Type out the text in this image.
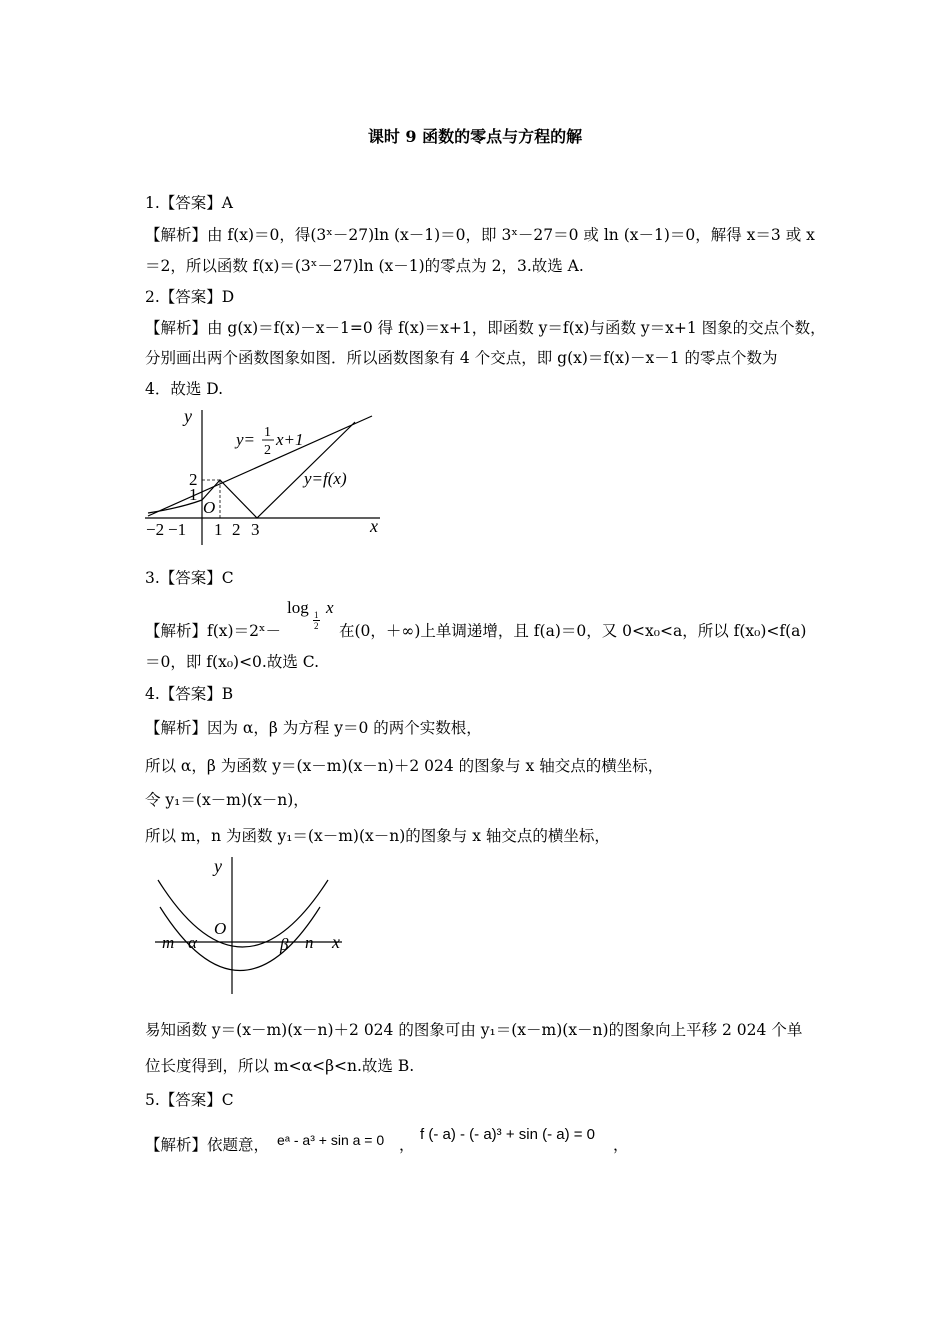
课时 9 函数的零点与方程的解
1.【答案】A
【解析】由 f(x)＝0，得(3ˣ－27)ln (x－1)＝0，即 3ˣ－27＝0 或 ln (x－1)＝0，解得 x＝3 或 x
＝2，所以函数 f(x)＝(3ˣ－27)ln (x－1)的零点为 2，3.故选 A.
2.【答案】D
【解析】由 g(x)＝f(x)－x－1=0 得 f(x)＝x+1，即函数 y＝f(x)与函数 y＝x+1 图象的交点个数，
分别画出两个函数图象如图．所以函数图象有 4 个交点，即 g(x)＝f(x)－x－1 的零点个数为
4．故选 D.
y
x
O
−2 −1 1 2 3
1
2
y= 1
2
x+1
y=f(x)
3.【答案】C
log 1
2
x
【解析】f(x)＝2ˣ－	在(0，＋∞)上单调递增，且 f(a)＝0，又 0<x₀<a，所以 f(x₀)<f(a)
＝0，即 f(x₀)<0.故选 C.
4.【答案】B
【解析】因为 α，β 为方程 y＝0 的两个实数根，
所以 α，β 为函数 y＝(x－m)(x－n)＋2 024 的图象与 x 轴交点的横坐标，
令 y₁＝(x－m)(x－n)，
所以 m，n 为函数 y₁＝(x－m)(x－n)的图象与 x 轴交点的横坐标，
y
x
O
m α	β n
易知函数 y＝(x－m)(x－n)＋2 024 的图象可由 y₁＝(x－m)(x－n)的图象向上平移 2 024 个单
位长度得到，所以 m<α<β<n.故选 B.
5.【答案】C
【解析】依题意， eᵃ - a³ + sin a = 0 ，
f (- a) - (- a)³ + sin (- a) = 0
，
